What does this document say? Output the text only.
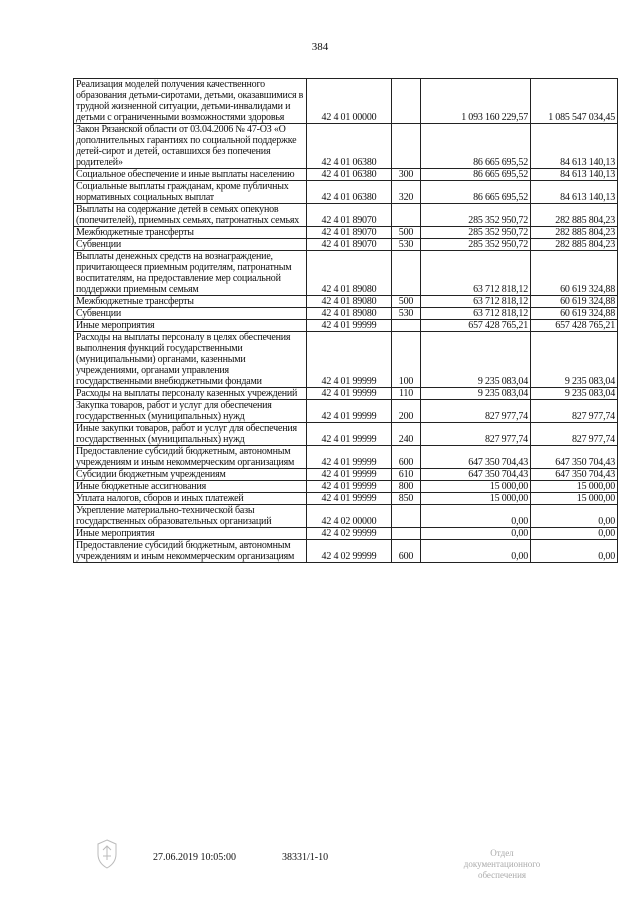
384
Реализация моделей получения качественного образования детьми-сиротами, детьми, оказавшимися в трудной жизненной ситуации, детьми-инвалидами и детьми с ограниченными возможностями здоровья	42 4 01 00000		1 093 160 229,57	1 085 547 034,45
Закон Рязанской области от 03.04.2006 № 47-ОЗ «О дополнительных гарантиях по социальной поддержке детей-сирот и детей, оставшихся без попечения родителей»	42 4 01 06380		86 665 695,52	84 613 140,13
Социальное обеспечение и иные выплаты населению	42 4 01 06380	300	86 665 695,52	84 613 140,13
Социальные выплаты гражданам, кроме публичных нормативных социальных выплат	42 4 01 06380	320	86 665 695,52	84 613 140,13
Выплаты на содержание детей в семьях опекунов (попечителей), приемных семьях, патронатных семьях	42 4 01 89070		285 352 950,72	282 885 804,23
Межбюджетные трансферты	42 4 01 89070	500	285 352 950,72	282 885 804,23
Субвенции	42 4 01 89070	530	285 352 950,72	282 885 804,23
Выплаты денежных средств на вознаграждение, причитающееся приемным родителям, патронатным воспитателям, на предоставление мер социальной поддержки приемным семьям	42 4 01 89080		63 712 818,12	60 619 324,88
Межбюджетные трансферты	42 4 01 89080	500	63 712 818,12	60 619 324,88
Субвенции	42 4 01 89080	530	63 712 818,12	60 619 324,88
Иные мероприятия	42 4 01 99999		657 428 765,21	657 428 765,21
Расходы на выплаты персоналу в целях обеспечения выполнения функций государственными (муниципальными) органами, казенными учреждениями, органами управления государственными внебюджетными фондами	42 4 01 99999	100	9 235 083,04	9 235 083,04
Расходы на выплаты персоналу казенных учреждений	42 4 01 99999	110	9 235 083,04	9 235 083,04
Закупка товаров, работ и услуг для обеспечения государственных (муниципальных) нужд	42 4 01 99999	200	827 977,74	827 977,74
Иные закупки товаров, работ и услуг для обеспечения государственных (муниципальных) нужд	42 4 01 99999	240	827 977,74	827 977,74
Предоставление субсидий бюджетным, автономным учреждениям и иным некоммерческим организациям	42 4 01 99999	600	647 350 704,43	647 350 704,43
Субсидии бюджетным учреждениям	42 4 01 99999	610	647 350 704,43	647 350 704,43
Иные бюджетные ассигнования	42 4 01 99999	800	15 000,00	15 000,00
Уплата налогов, сборов и иных платежей	42 4 01 99999	850	15 000,00	15 000,00
Укрепление материально-технической базы государственных образовательных организаций	42 4 02 00000		0,00	0,00
Иные мероприятия	42 4 02 99999		0,00	0,00
Предоставление субсидий бюджетным, автономным учреждениям и иным некоммерческим организациям	42 4 02 99999	600	0,00	0,00
27.06.2019 10:05:00	38331/1-10	Отдел документационного
обеспечения
